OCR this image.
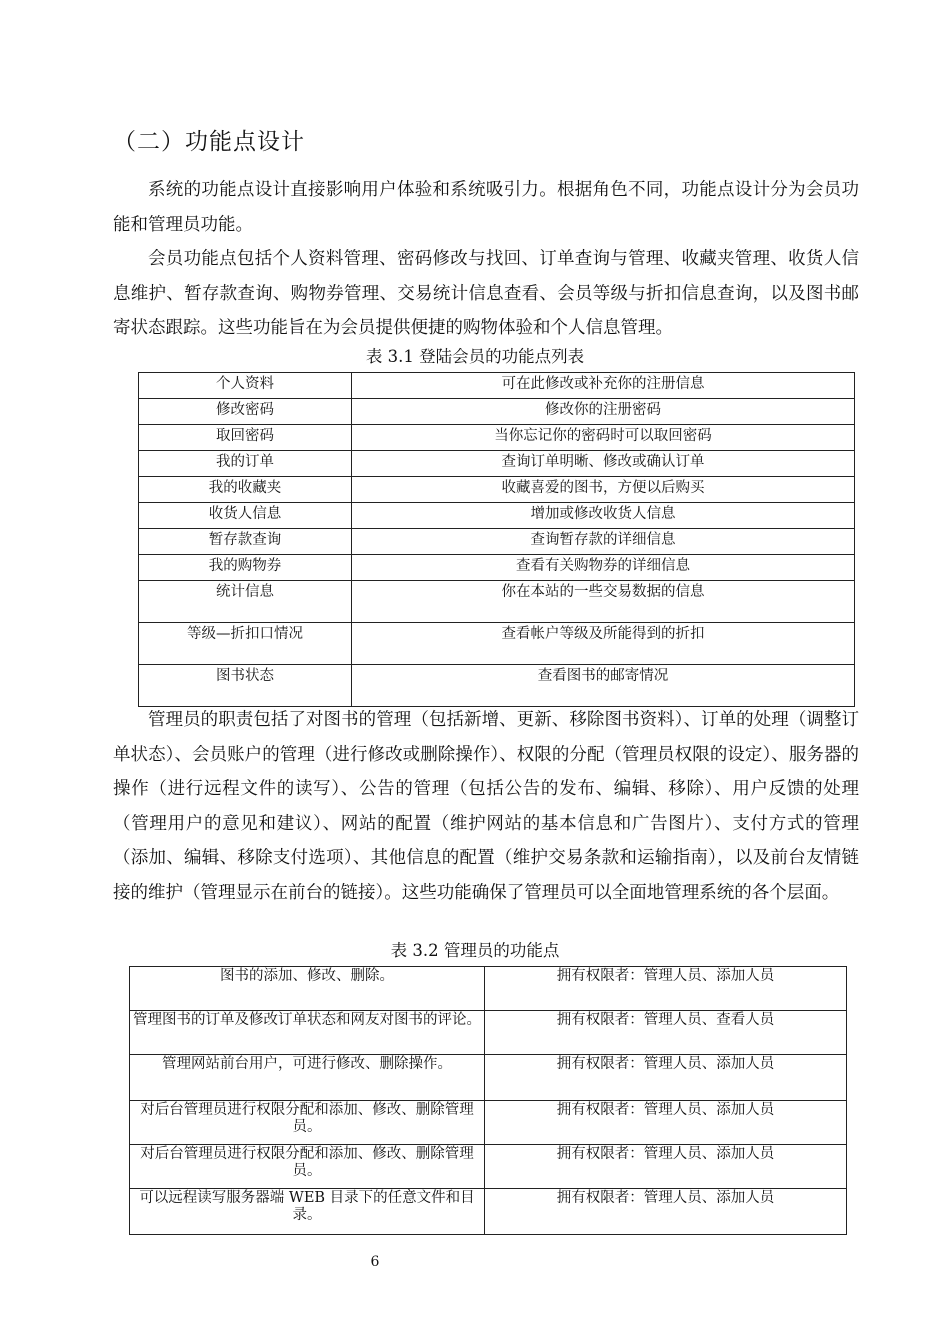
（二）功能点设计

系统的功能点设计直接影响用户体验和系统吸引力。根据角色不同，功能点设计分为会员功能和管理员功能。

会员功能点包括个人资料管理、密码修改与找回、订单查询与管理、收藏夹管理、收货人信息维护、暂存款查询、购物券管理、交易统计信息查看、会员等级与折扣信息查询，以及图书邮寄状态跟踪。这些功能旨在为会员提供便捷的购物体验和个人信息管理。

表 3.1 登陆会员的功能点列表
个人资料	可在此修改或补充你的注册信息
修改密码	修改你的注册密码
取回密码	当你忘记你的密码时可以取回密码
我的订单	查询订单明晰、修改或确认订单
我的收藏夹	收藏喜爱的图书，方便以后购买
收货人信息	增加或修改收货人信息
暂存款查询	查询暂存款的详细信息
我的购物券	查看有关购物券的详细信息
统计信息	你在本站的一些交易数据的信息
等级—折扣口情况	查看帐户等级及所能得到的折扣
图书状态	查看图书的邮寄情况

管理员的职责包括了对图书的管理（包括新增、更新、移除图书资料）、订单的处理（调整订单状态）、会员账户的管理（进行修改或删除操作）、权限的分配（管理员权限的设定）、服务器的操作（进行远程文件的读写）、公告的管理（包括公告的发布、编辑、移除）、用户反馈的处理（管理用户的意见和建议）、网站的配置（维护网站的基本信息和广告图片）、支付方式的管理（添加、编辑、移除支付选项）、其他信息的配置（维护交易条款和运输指南），以及前台友情链接的维护（管理显示在前台的链接）。这些功能确保了管理员可以全面地管理系统的各个层面。

表 3.2 管理员的功能点
图书的添加、修改、删除。	拥有权限者：管理人员、添加人员
管理图书的订单及修改订单状态和网友对图书的评论。	拥有权限者：管理人员、查看人员
管理网站前台用户，可进行修改、删除操作。	拥有权限者：管理人员、添加人员
对后台管理员进行权限分配和添加、修改、删除管理员。	拥有权限者：管理人员、添加人员
对后台管理员进行权限分配和添加、修改、删除管理员。	拥有权限者：管理人员、添加人员
可以远程读写服务器端 WEB 目录下的任意文件和目录。	拥有权限者：管理人员、添加人员
6
